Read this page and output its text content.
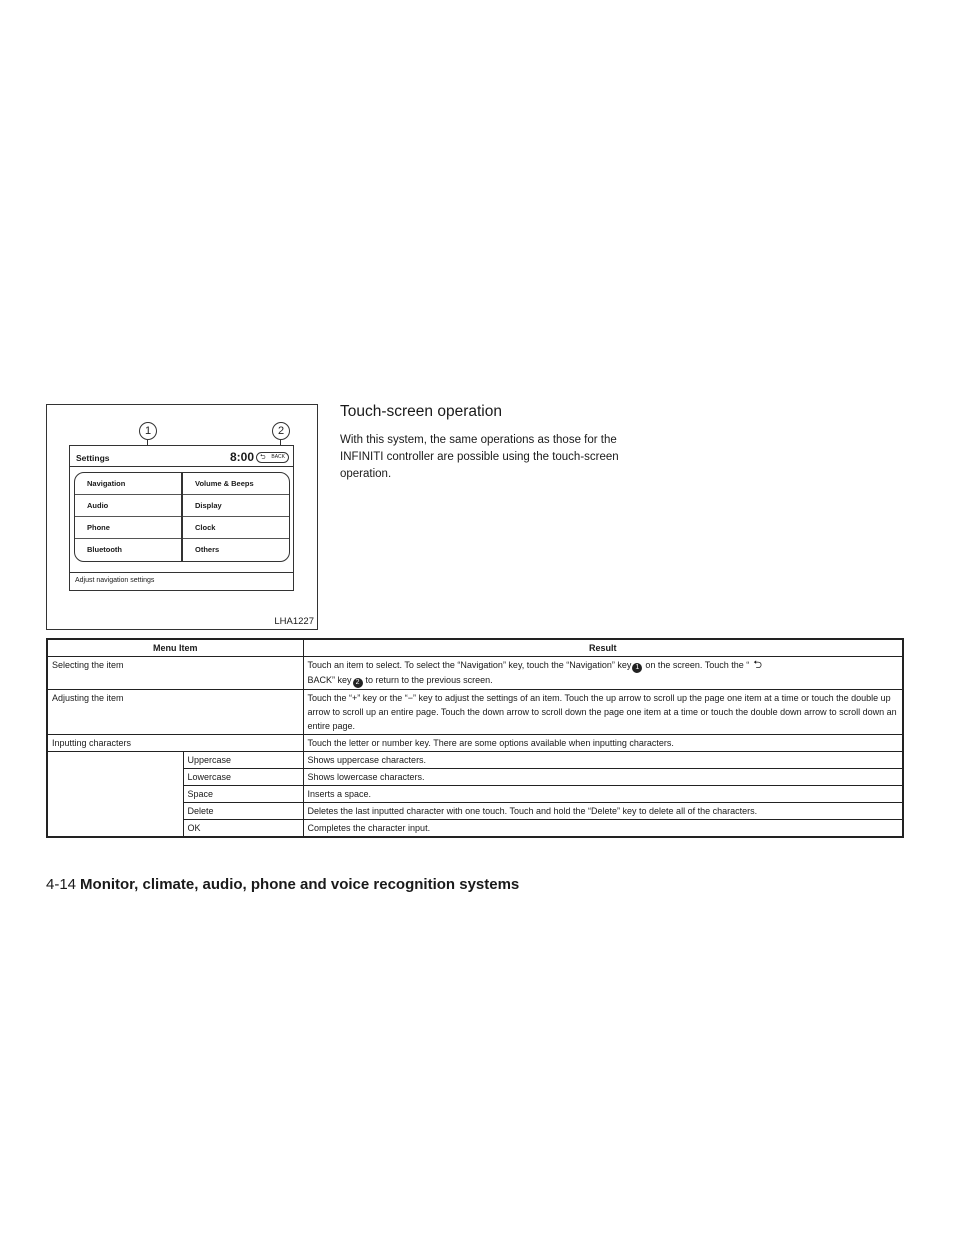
1	2
Settings	8:00 ⮌ BACK
Navigation
Audio
Phone
Bluetooth
Volume & Beeps
Display
Clock
Others
Adjust navigation settings
LHA1227
Touch-screen operation
With this system, the same operations as those for the INFINITI controller are possible using the touch-screen operation.
Menu Item		Result
Selecting the item		Touch an item to select. To select the “Navigation” key, touch the “Navigation” key 1 on the screen. Touch the “ ⮌
BACK” key 2 to return to the previous screen.
Adjusting the item		Touch the “+” key or the “−” key to adjust the settings of an item. Touch the up arrow to scroll up the page one item at a time or touch the double up arrow to scroll up an entire page. Touch the down arrow to scroll down the page one item at a time or touch the double down arrow to scroll down an entire page.
Inputting characters		Touch the letter or number key. There are some options available when inputting characters.
	Uppercase	Shows uppercase characters.
	Lowercase	Shows lowercase characters.
	Space	Inserts a space.
	Delete	Deletes the last inputted character with one touch. Touch and hold the “Delete” key to delete all of the characters.
	OK	Completes the character input.
4-14 Monitor, climate, audio, phone and voice recognition systems
